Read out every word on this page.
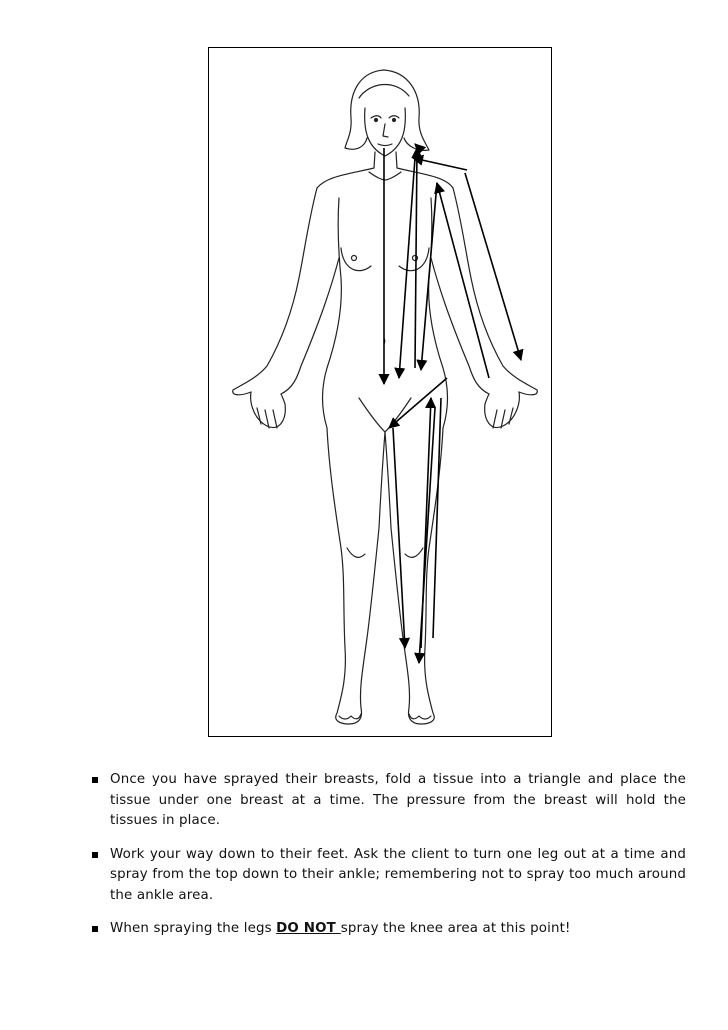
Once you have sprayed their breasts, fold a tissue into a triangle and place the tissue under one breast at a time. The pressure from the breast will hold the tissues in place.
Work your way down to their feet. Ask the client to turn one leg out at a time and spray from the top down to their ankle; remembering not to spray too much around the ankle area.
When spraying the legs DO NOT spray the knee area at this point!
